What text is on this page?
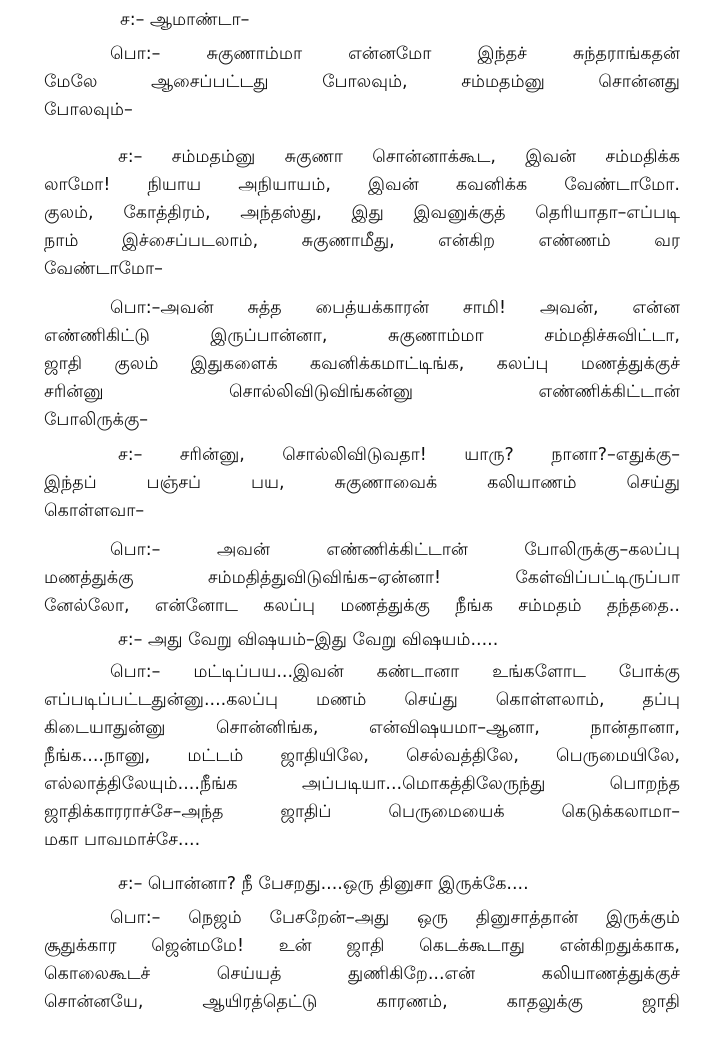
ச:– ஆமாண்டா–
பொ:–	சுகுணாம்மா	என்னமோ	இந்தச்	சுந்தராங்கதன்
மேலே	ஆசைப்பட்டது	போலவும்,	சம்மதம்னு	சொன்னது
போலவும்–
ச:– சம்மதம்னு சுகுணா சொன்னாக்கூட, இவன் சம்மதிக்க
லாமோ! நியாய அநியாயம், இவன் கவனிக்க வேண்டாமோ.
குலம், கோத்திரம், அந்தஸ்து, இது இவனுக்குத் தெரியாதா–எப்படி
நாம் இச்சைப்படலாம், சுகுணாமீது, என்கிற எண்ணம் வர
வேண்டாமோ–
பொ:–அவன் சுத்த பைத்யக்காரன் சாமி! அவன், என்ன
எண்ணிகிட்டு	இருப்பான்னா,	சுகுணாம்மா	சம்மதிச்சுவிட்டா,
ஜாதி குலம் இதுகளைக் கவனிக்கமாட்டிங்க, கலப்பு மணத்துக்குச்
சரின்னு	சொல்லிவிடுவிங்கன்னு	எண்ணிக்கிட்டான்
போலிருக்கு–
ச:– சரின்னு, சொல்லிவிடுவதா! யாரு? நானா?–எதுக்கு–
இந்தப்	பஞ்சப்	பய,	சுகுணாவைக்	கலியாணம்	செய்து
கொள்ளவா–
பொ:–	அவன்	எண்ணிக்கிட்டான்	போலிருக்கு–கலப்பு
மணத்துக்கு	சம்மதித்துவிடுவிங்க–ஏன்னா!	கேள்விப்பட்டிருப்பா
னேல்லோ, என்னோட கலப்பு மணத்துக்கு நீங்க சம்மதம் தந்ததை..
ச:– அது வேறு விஷயம்–இது வேறு விஷயம்.....
பொ:– மட்டிப்பய...இவன் கண்டானா உங்களோட போக்கு
எப்படிப்பட்டதுன்னு....கலப்பு மணம் செய்து கொள்ளலாம், தப்பு
கிடையாதுன்னு	சொன்னிங்க,	என்விஷயமா–ஆனா,	நான்தானா,
நீங்க....நானு, மட்டம் ஜாதியிலே, செல்வத்திலே, பெருமையிலே,
எல்லாத்திலேயும்....நீங்க	அப்படியா...மொகத்திலேருந்து	பொறந்த
ஜாதிக்காரராச்சே–அந்த	ஜாதிப்	பெருமையைக்	கெடுக்கலாமா–
மகா பாவமாச்சே....
ச:– பொன்னா? நீ பேசறது....ஒரு தினுசா இருக்கே....
பொ:– நெஜம் பேசறேன்–அது ஒரு தினுசாத்தான் இருக்கும்
சூதுக்கார ஜென்மமே! உன் ஜாதி கெடக்கூடாது என்கிறதுக்காக,
கொலைகூடச்	செய்யத்	துணிகிறே...என்	கலியாணத்துக்குச்
சொன்னயே,	ஆயிரத்தெட்டு	காரணம்,	காதலுக்கு	ஜாதி
